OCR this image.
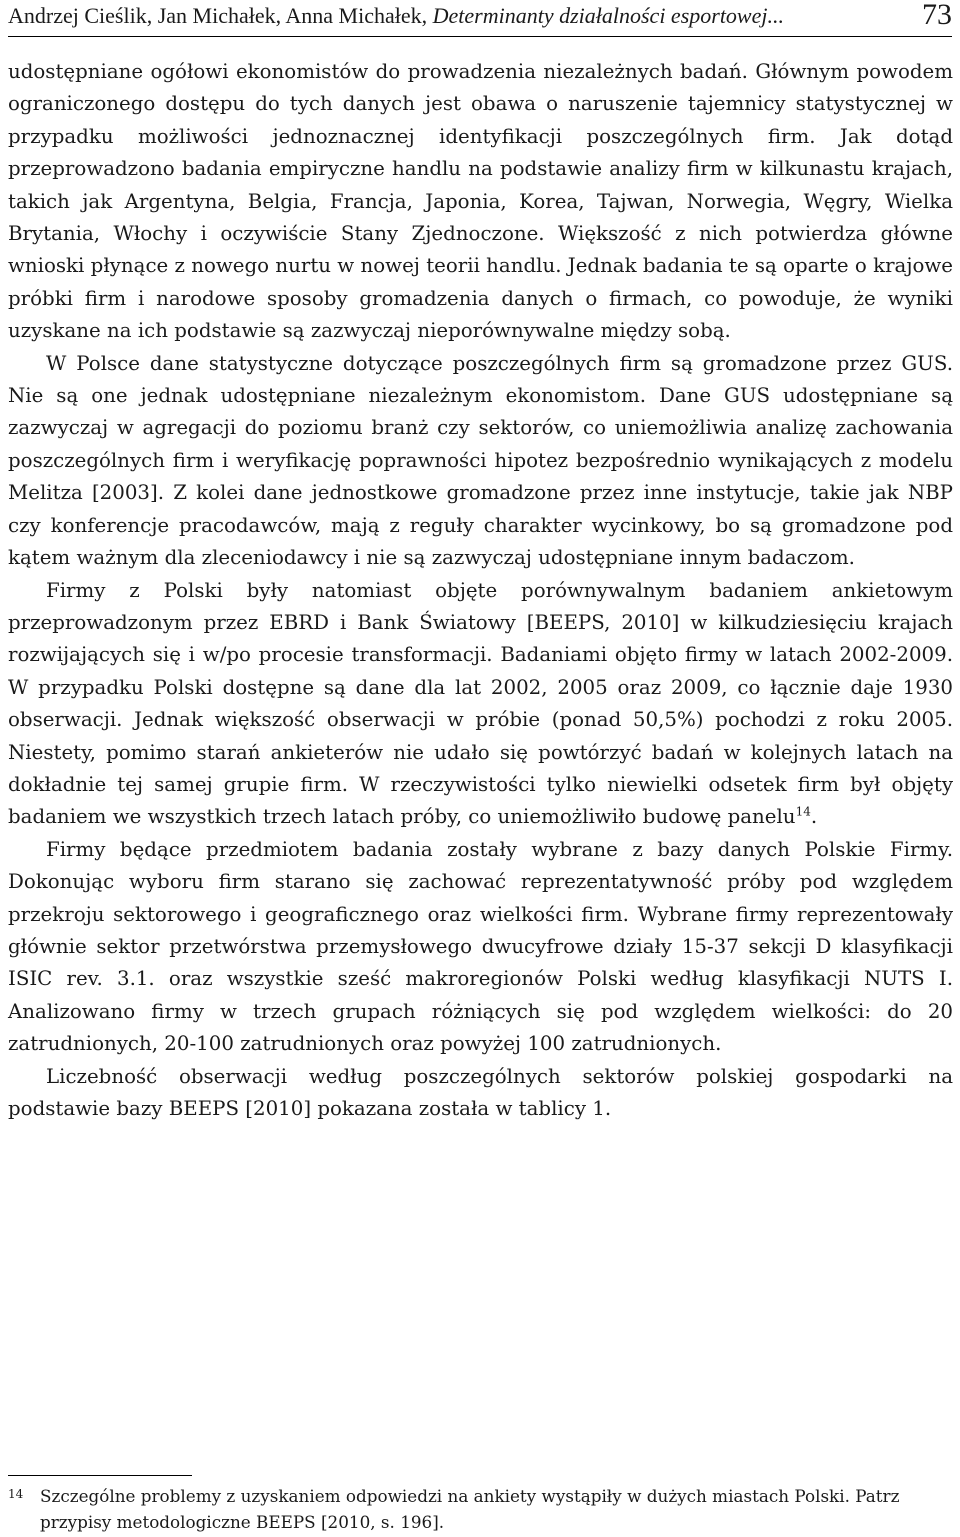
Andrzej Cieślik, Jan Michałek, Anna Michałek, Determinanty działalności esportowej...	73

udostępniane ogółowi ekonomistów do prowadzenia niezależnych badań. Głównym powodem ograniczonego dostępu do tych danych jest obawa o naruszenie tajemnicy statystycznej w przypadku możliwości jednoznacznej identyfikacji poszczególnych firm. Jak dotąd przeprowadzono badania empiryczne handlu na podstawie analizy firm w kilkunastu krajach, takich jak Argentyna, Belgia, Francja, Japonia, Korea, Tajwan, Norwegia, Węgry, Wielka Brytania, Włochy i oczywiście Stany Zjednoczone. Większość z nich potwierdza główne wnioski płynące z nowego nurtu w nowej teorii handlu. Jednak badania te są oparte o krajowe próbki firm i narodowe sposoby gromadzenia danych o firmach, co powoduje, że wyniki uzyskane na ich podstawie są zazwyczaj nieporównywalne między sobą.

W Polsce dane statystyczne dotyczące poszczególnych firm są gromadzone przez GUS. Nie są one jednak udostępniane niezależnym ekonomistom. Dane GUS udostępniane są zazwyczaj w agregacji do poziomu branż czy sektorów, co uniemożliwia analizę zachowania poszczególnych firm i weryfikację poprawności hipotez bezpośrednio wynikających z modelu Melitza [2003]. Z kolei dane jednostkowe gromadzone przez inne instytucje, takie jak NBP czy konferencje pracodawców, mają z reguły charakter wycinkowy, bo są gromadzone pod kątem ważnym dla zleceniodawcy i nie są zazwyczaj udostępniane innym badaczom.

Firmy z Polski były natomiast objęte porównywalnym badaniem ankietowym przeprowadzonym przez EBRD i Bank Światowy [BEEPS, 2010] w kilkudziesięciu krajach rozwijających się i w/po procesie transformacji. Badaniami objęto firmy w latach 2002-2009. W przypadku Polski dostępne są dane dla lat 2002, 2005 oraz 2009, co łącznie daje 1930 obserwacji. Jednak większość obserwacji w próbie (ponad 50,5%) pochodzi z roku 2005. Niestety, pomimo starań ankieterów nie udało się powtórzyć badań w kolejnych latach na dokładnie tej samej grupie firm. W rzeczywistości tylko niewielki odsetek firm był objęty badaniem we wszystkich trzech latach próby, co uniemożliwiło budowę panelu$^{14}$.

Firmy będące przedmiotem badania zostały wybrane z bazy danych Polskie Firmy. Dokonując wyboru firm starano się zachować reprezentatywność próby pod względem przekroju sektorowego i geograficznego oraz wielkości firm. Wybrane firmy reprezentowały głównie sektor przetwórstwa przemysłowego dwucyfrowe działy 15-37 sekcji D klasyfikacji ISIC rev. 3.1. oraz wszystkie sześć makroregionów Polski według klasyfikacji NUTS I. Analizowano firmy w trzech grupach różniących się pod względem wielkości: do 20 zatrudnionych, 20-100 zatrudnionych oraz powyżej 100 zatrudnionych.

Liczebność obserwacji według poszczególnych sektorów polskiej gospodarki na podstawie bazy BEEPS [2010] pokazana została w tablicy 1.

14 Szczególne problemy z uzyskaniem odpowiedzi na ankiety wystąpiły w dużych miastach Polski. Patrz przypisy metodologiczne BEEPS [2010, s. 196].
